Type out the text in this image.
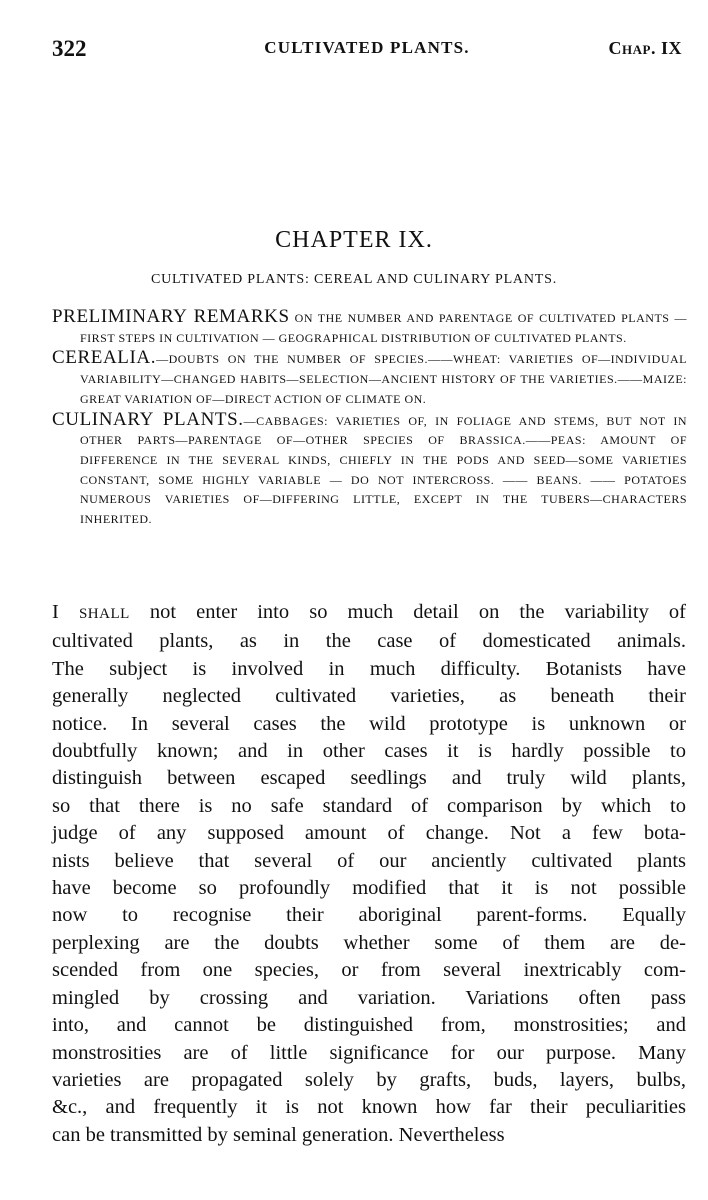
322	CULTIVATED PLANTS.	Chap. IX
CHAPTER IX.
CULTIVATED PLANTS: CEREAL AND CULINARY PLANTS.

PRELIMINARY REMARKS ON THE NUMBER AND PARENTAGE OF CULTIVATED PLANTS — FIRST STEPS IN CULTIVATION — GEOGRAPHICAL DISTRIBUTION OF CULTIVATED PLANTS.

CEREALIA.—DOUBTS ON THE NUMBER OF SPECIES.——WHEAT: VARIETIES OF—INDIVIDUAL VARIABILITY—CHANGED HABITS—SELECTION—ANCIENT HISTORY OF THE VARIETIES.——MAIZE: GREAT VARIATION OF—DIRECT ACTION OF CLIMATE ON.

CULINARY PLANTS.—CABBAGES: VARIETIES OF, IN FOLIAGE AND STEMS, BUT NOT IN OTHER PARTS—PARENTAGE OF—OTHER SPECIES OF BRASSICA.——PEAS: AMOUNT OF DIFFERENCE IN THE SEVERAL KINDS, CHIEFLY IN THE PODS AND SEED—SOME VARIETIES CONSTANT, SOME HIGHLY VARIABLE — DO NOT INTERCROSS. —— BEANS. —— POTATOES NUMEROUS VARIETIES OF—DIFFERING LITTLE, EXCEPT IN THE TUBERS—CHARACTERS INHERITED.

I SHALL not enter into so much detail on the variability of
cultivated plants, as in the case of domesticated animals.
The subject is involved in much difficulty. Botanists have
generally neglected cultivated varieties, as beneath their
notice. In several cases the wild prototype is unknown or
doubtfully known; and in other cases it is hardly possible to
distinguish between escaped seedlings and truly wild plants,
so that there is no safe standard of comparison by which to
judge of any supposed amount of change. Not a few bota-
nists believe that several of our anciently cultivated plants
have become so profoundly modified that it is not possible
now to recognise their aboriginal parent-forms. Equally
perplexing are the doubts whether some of them are de-
scended from one species, or from several inextricably com-
mingled by crossing and variation. Variations often pass
into, and cannot be distinguished from, monstrosities; and
monstrosities are of little significance for our purpose. Many
varieties are propagated solely by grafts, buds, layers, bulbs,
&c., and frequently it is not known how far their peculiarities
can be transmitted by seminal generation. Nevertheless
